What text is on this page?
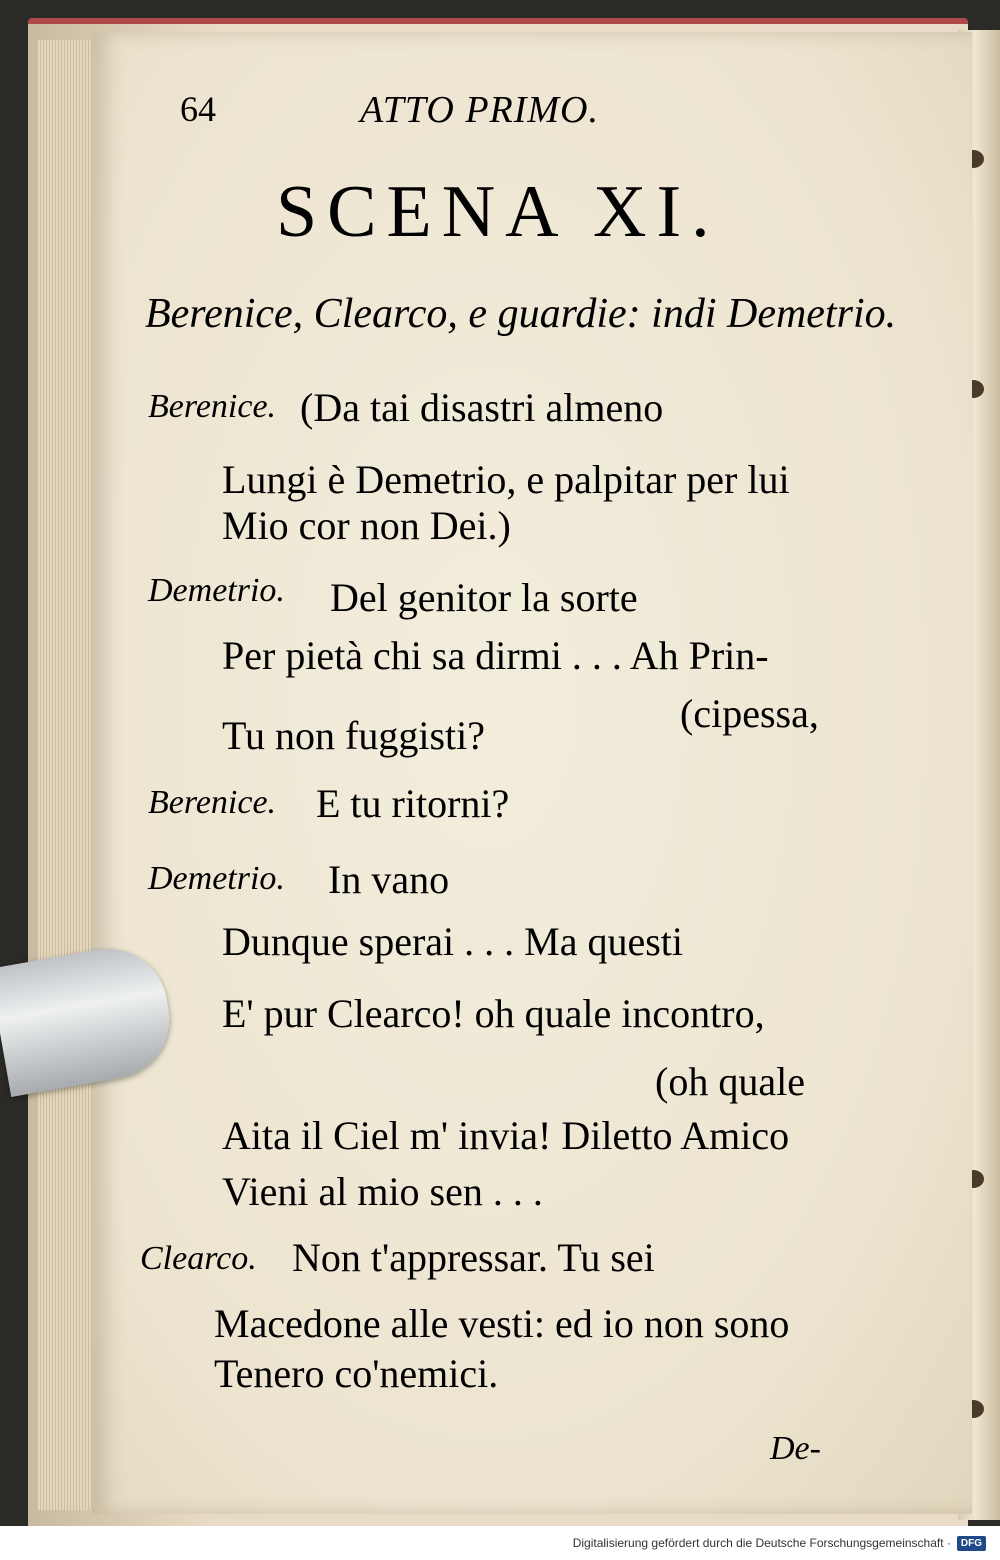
64	ATTO PRIMO.
SCENA XI.
Berenice, Clearco, e guardie: indi Demetrio.
Berenice. (Da tai disastri almeno
Lungi è Demetrio, e palpitar per lui
Mio cor non Dei.)
Demetrio. Del genitor la sorte
Per pietà chi sa dirmi . . . Ah Prin-
(cipessa,
Tu non fuggisti?
Berenice. E tu ritorni?
Demetrio. In vano
Dunque sperai . . . Ma questi
E' pur Clearco! oh quale incontro,
(oh quale
Aita il Ciel m' invia! Diletto Amico
Vieni al mio sen . . .
Clearco. Non t'appressar. Tu sei
Macedone alle vesti: ed io non sono
Tenero co'nemici.
De-
Digitalisierung gefördert durch die Deutsche Forschungsgemeinschaft ·	DFG
